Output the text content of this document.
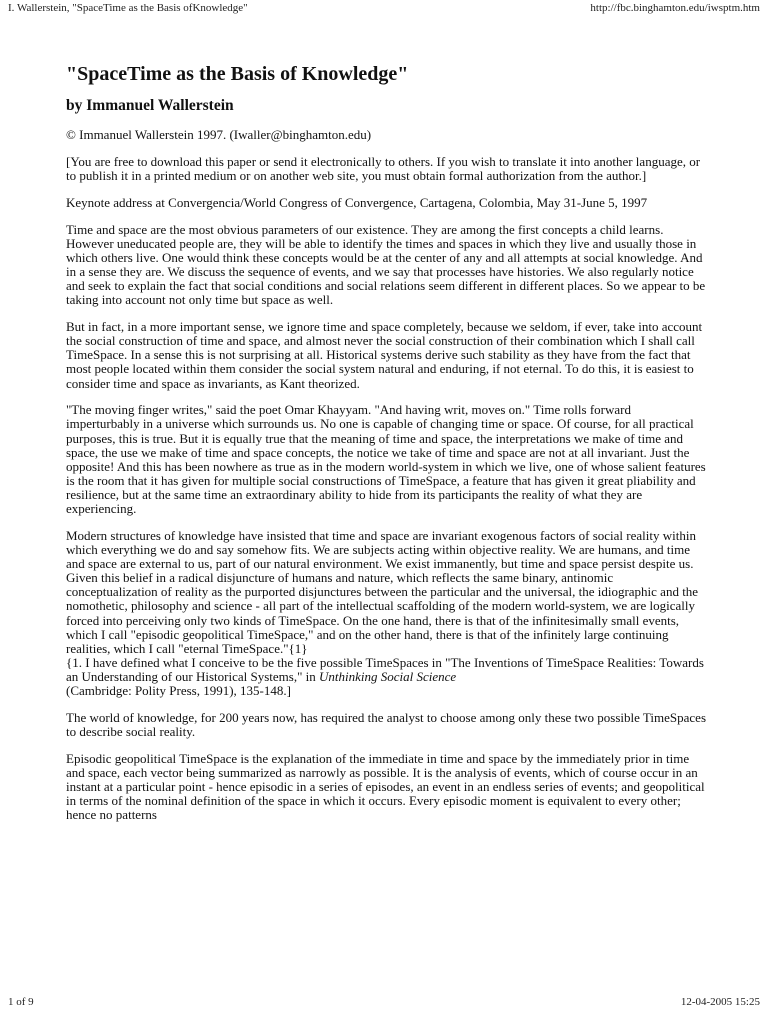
I. Wallerstein, "SpaceTime as the Basis ofKnowledge"	http://fbc.binghamton.edu/iwsptm.htm
"SpaceTime as the Basis of Knowledge"
by Immanuel Wallerstein

© Immanuel Wallerstein 1997. (Iwaller@binghamton.edu)

[You are free to download this paper or send it electronically to others. If you wish to translate it into another language, or to publish it in a printed medium or on another web site, you must obtain formal authorization from the author.]

Keynote address at Convergencia/World Congress of Convergence, Cartagena, Colombia, May 31-June 5, 1997

Time and space are the most obvious parameters of our existence. They are among the first concepts a child learns. However uneducated people are, they will be able to identify the times and spaces in which they live and usually those in which others live. One would think these concepts would be at the center of any and all attempts at social knowledge. And in a sense they are. We discuss the sequence of events, and we say that processes have histories. We also regularly notice and seek to explain the fact that social conditions and social relations seem different in different places. So we appear to be taking into account not only time but space as well.

But in fact, in a more important sense, we ignore time and space completely, because we seldom, if ever, take into account the social construction of time and space, and almost never the social construction of their combination which I shall call TimeSpace. In a sense this is not surprising at all. Historical systems derive such stability as they have from the fact that most people located within them consider the social system natural and enduring, if not eternal. To do this, it is easiest to consider time and space as invariants, as Kant theorized.

"The moving finger writes," said the poet Omar Khayyam. "And having writ, moves on." Time rolls forward imperturbably in a universe which surrounds us. No one is capable of changing time or space. Of course, for all practical purposes, this is true. But it is equally true that the meaning of time and space, the interpretations we make of time and space, the use we make of time and space concepts, the notice we take of time and space are not at all invariant. Just the opposite! And this has been nowhere as true as in the modern world-system in which we live, one of whose salient features is the room that it has given for multiple social constructions of TimeSpace, a feature that has given it great pliability and resilience, but at the same time an extraordinary ability to hide from its participants the reality of what they are experiencing.

Modern structures of knowledge have insisted that time and space are invariant exogenous factors of social reality within which everything we do and say somehow fits. We are subjects acting within objective reality. We are humans, and time and space are external to us, part of our natural environment. We exist immanently, but time and space persist despite us. Given this belief in a radical disjuncture of humans and nature, which reflects the same binary, antinomic conceptualization of reality as the purported disjunctures between the particular and the universal, the idiographic and the nomothetic, philosophy and science - all part of the intellectual scaffolding of the modern world-system, we are logically forced into perceiving only two kinds of TimeSpace. On the one hand, there is that of the infinitesimally small events, which I call "episodic geopolitical TimeSpace," and on the other hand, there is that of the infinitely large continuing realities, which I call "eternal TimeSpace."{1}
{1. I have defined what I conceive to be the five possible TimeSpaces in "The Inventions of TimeSpace Realities: Towards an Understanding of our Historical Systems," in Unthinking Social Science
(Cambridge: Polity Press, 1991), 135-148.]

The world of knowledge, for 200 years now, has required the analyst to choose among only these two possible TimeSpaces to describe social reality.

Episodic geopolitical TimeSpace is the explanation of the immediate in time and space by the immediately prior in time and space, each vector being summarized as narrowly as possible. It is the analysis of events, which of course occur in an instant at a particular point - hence episodic in a series of episodes, an event in an endless series of events; and geopolitical in terms of the nominal definition of the space in which it occurs. Every episodic moment is equivalent to every other; hence no patterns

1 of 9	12-04-2005 15:25
